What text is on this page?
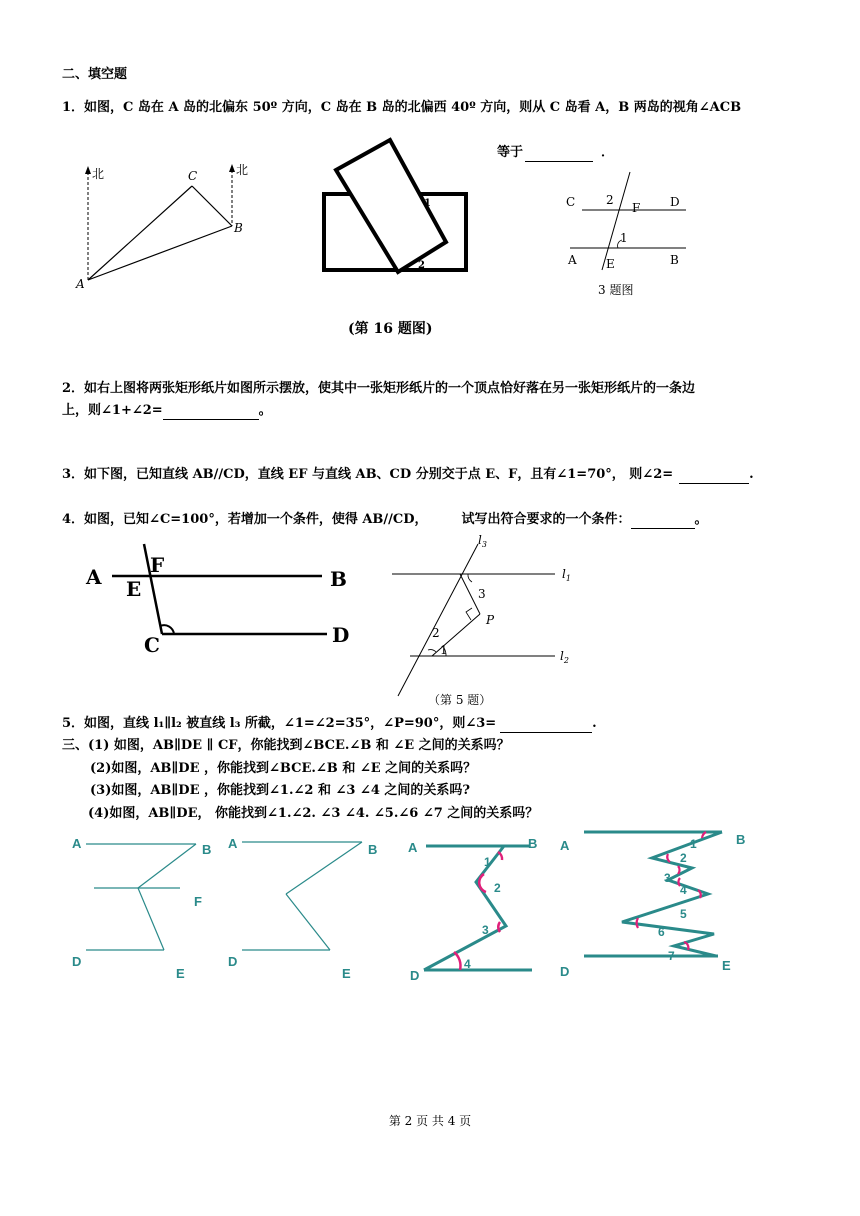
二、填空题
1．如图，C 岛在 A 岛的北偏东 50º 方向，C 岛在 B 岛的北偏西 40º 方向，则从 C 岛看 A，B 两岛的视角∠ACB
北	北
C
B
A
1
2
(第 16 题图)
等于	．
C	D
A	B
E
F
1
2
3 题图
2．如右上图将两张矩形纸片如图所示摆放，使其中一张矩形纸片的一个顶点恰好落在另一张矩形纸片的一条边
上，则∠1+∠2=	。
3．如下图，已知直线 AB//CD，直线 EF 与直线 AB、CD 分别交于点 E、F，且有∠1=70°， 则∠2=	.
4．如图，已知∠C=100°，若增加一个条件，使得 AB//CD，	试写出符合要求的一个条件：	。
A F
E	B
C	D
$l_3$
$l_1$
$l_2$
3
P
2
1
（第 5 题）
5．如图，直线 l₁∥l₂ 被直线 l₃ 所截，∠1=∠2=35°，∠P=90°，则∠3=	.
三、(1) 如图，AB∥DE ∥ CF，你能找到∠BCE.∠B 和 ∠E 之间的关系吗？
(2)如图，AB∥DE ，你能找到∠BCE.∠B 和 ∠E 之间的关系吗？
(3)如图，AB∥DE ，你能找到∠1.∠2 和 ∠3 ∠4 之间的关系吗?
(4)如图，AB∥DE， 你能找到∠1.∠2. ∠3 ∠4. ∠5.∠6 ∠7 之间的关系吗？
A	B
F
D
E
A	B
D
E
A	B
D
1
2
3
4
A	B
D	E
1
2
3
4
5
6
7
第 2 页 共 4 页
